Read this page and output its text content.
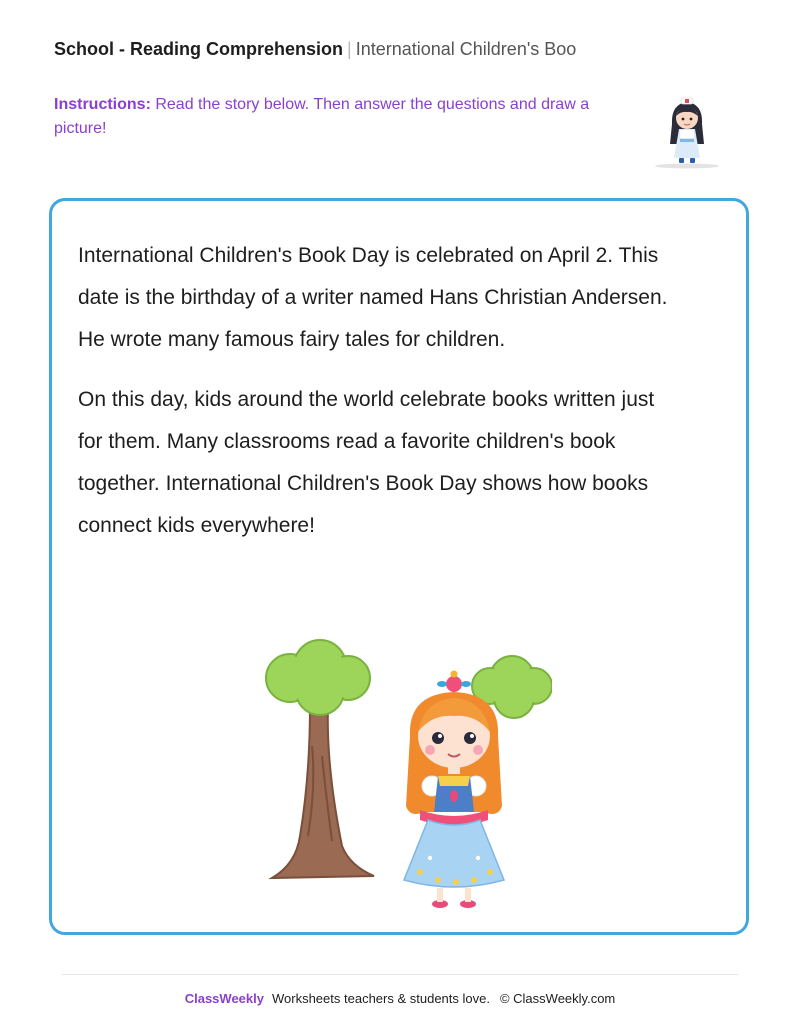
School - Reading Comprehension | International Children's Boo
Instructions: Read the story below. Then answer the questions and draw a picture!

International Children's Book Day is celebrated on April 2. This date is the birthday of a writer named Hans Christian Andersen. He wrote many famous fairy tales for children.

On this day, kids around the world celebrate books written just for them. Many classrooms read a favorite children's book together. International Children's Book Day shows how books connect kids everywhere!

ClassWeekly Worksheets teachers & students love. © ClassWeekly.com
